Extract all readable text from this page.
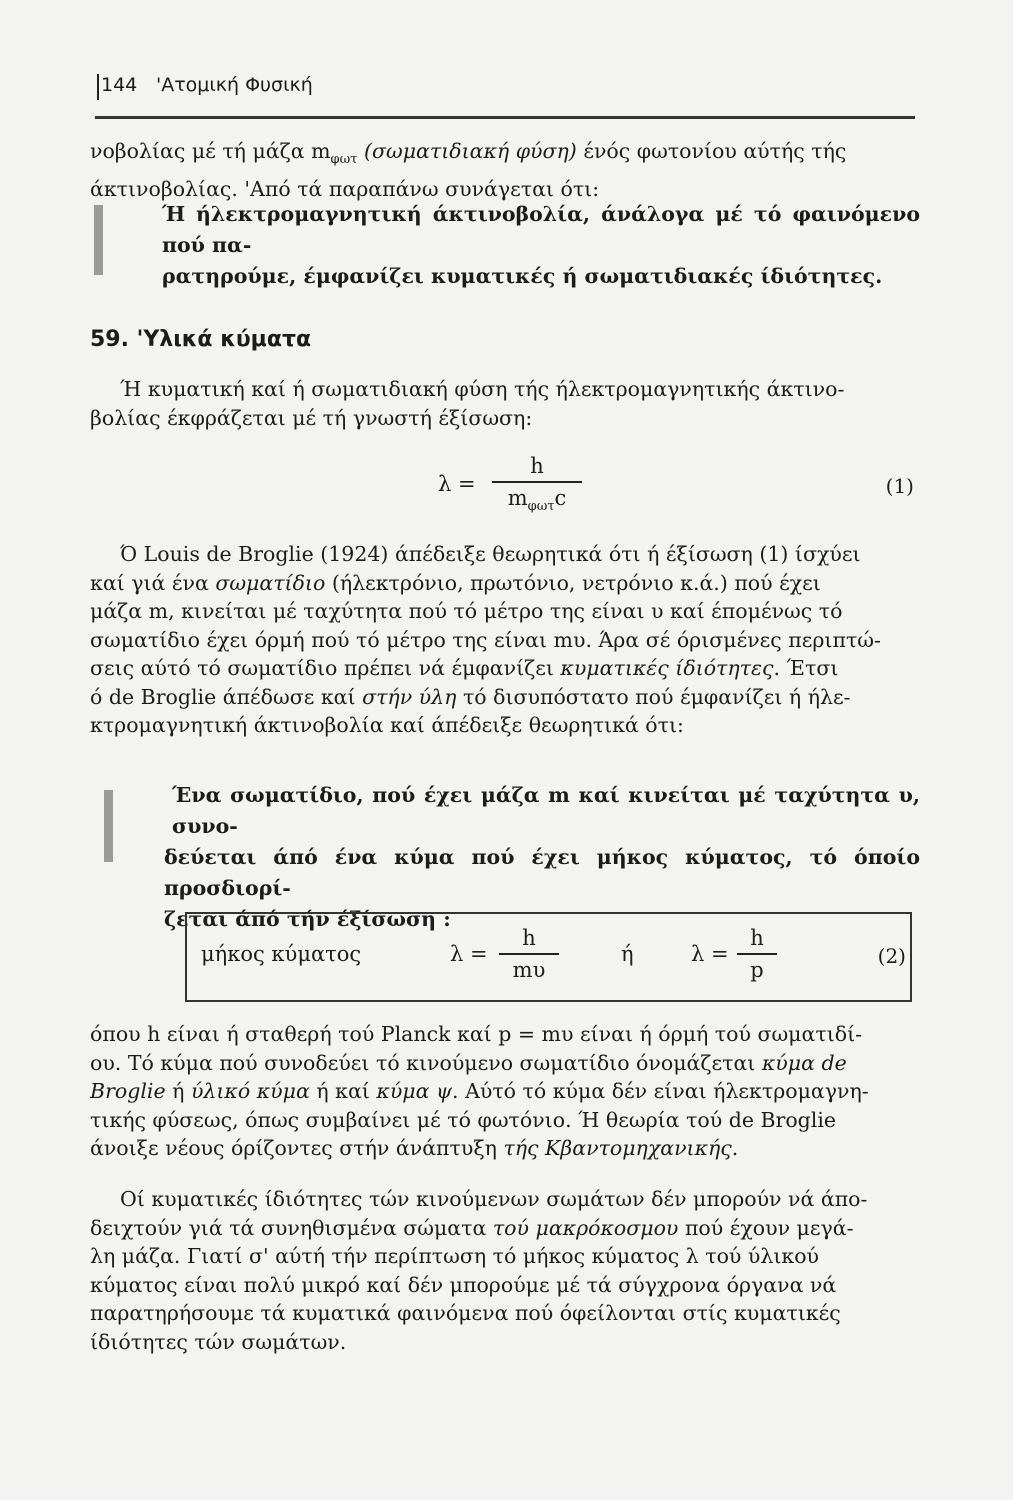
144 'Ατομική Φυσική

νοβολίας μέ τή μάζα $m_{\varphi\omega\tau}$ (σωματιδιακή φύση) ένός φωτονίου αύτής τής

άκτινοβολίας. 'Από τά παραπάνω συνάγεται ότι:

Ή ήλεκτρομαγνητική άκτινοβολία, άνάλογα μέ τό φαινόμενο πού πα-
ρατηρούμε, έμφανίζει κυματικές ή σωματιδιακές ίδιότητες.
59. 'Υλικά κύματα

Ή κυματική καί ή σωματιδιακή φύση τής ήλεκτρομαγνητικής άκτινο-

βολίας έκφράζεται μέ τή γνωστή έξίσωση:

λ =
h
$m_{\varphi\omega\tau}c$	(1)

Ό Louis de Broglie (1924) άπέδειξε θεωρητικά ότι ή έξίσωση (1) ίσχύει

καί γιά ένα σωματίδιο (ήλεκτρόνιο, πρωτόνιο, νετρόνιο κ.ά.) πού έχει

μάζα m, κινείται μέ ταχύτητα πού τό μέτρο της είναι υ καί έπομένως τό

σωματίδιο έχει όρμή πού τό μέτρο της είναι mυ. Άρα σέ όρισμένες περιπτώ-

σεις αύτό τό σωματίδιο πρέπει νά έμφανίζει κυματικές ίδιότητες. Έτσι

ό de Broglie άπέδωσε καί στήν ύλη τό δισυπόστατο πού έμφανίζει ή ήλε-

κτρομαγνητική άκτινοβολία καί άπέδειξε θεωρητικά ότι:

Ένα σωματίδιο, πού έχει μάζα m καί κινείται μέ ταχύτητα υ, συνο-
δεύεται άπό ένα κύμα πού έχει μήκος κύματος, τό όποίο προσδιορί-
ζεται άπό τήν έξίσωση :
μήκος κύματος	λ =
h
mυ
ή	λ =
h
p
(2)

όπου h είναι ή σταθερή τού Planck καί p = mυ είναι ή όρμή τού σωματιδί-

ου. Τό κύμα πού συνοδεύει τό κινούμενο σωματίδιο όνομάζεται κύμα de

Broglie ή ύλικό κύμα ή καί κύμα ψ. Αύτό τό κύμα δέν είναι ήλεκτρομαγνη-

τικής φύσεως, όπως συμβαίνει μέ τό φωτόνιο. Ή θεωρία τού de Broglie

άνοιξε νέους όρίζοντες στήν άνάπτυξη τής Κβαντομηχανικής.

Οί κυματικές ίδιότητες τών κινούμενων σωμάτων δέν μπορούν νά άπο-

δειχτούν γιά τά συνηθισμένα σώματα τού μακρόκοσμου πού έχουν μεγά-

λη μάζα. Γιατί σ' αύτή τήν περίπτωση τό μήκος κύματος λ τού ύλικού

κύματος είναι πολύ μικρό καί δέν μπορούμε μέ τά σύγχρονα όργανα νά

παρατηρήσουμε τά κυματικά φαινόμενα πού όφείλονται στίς κυματικές

ίδιότητες τών σωμάτων.
